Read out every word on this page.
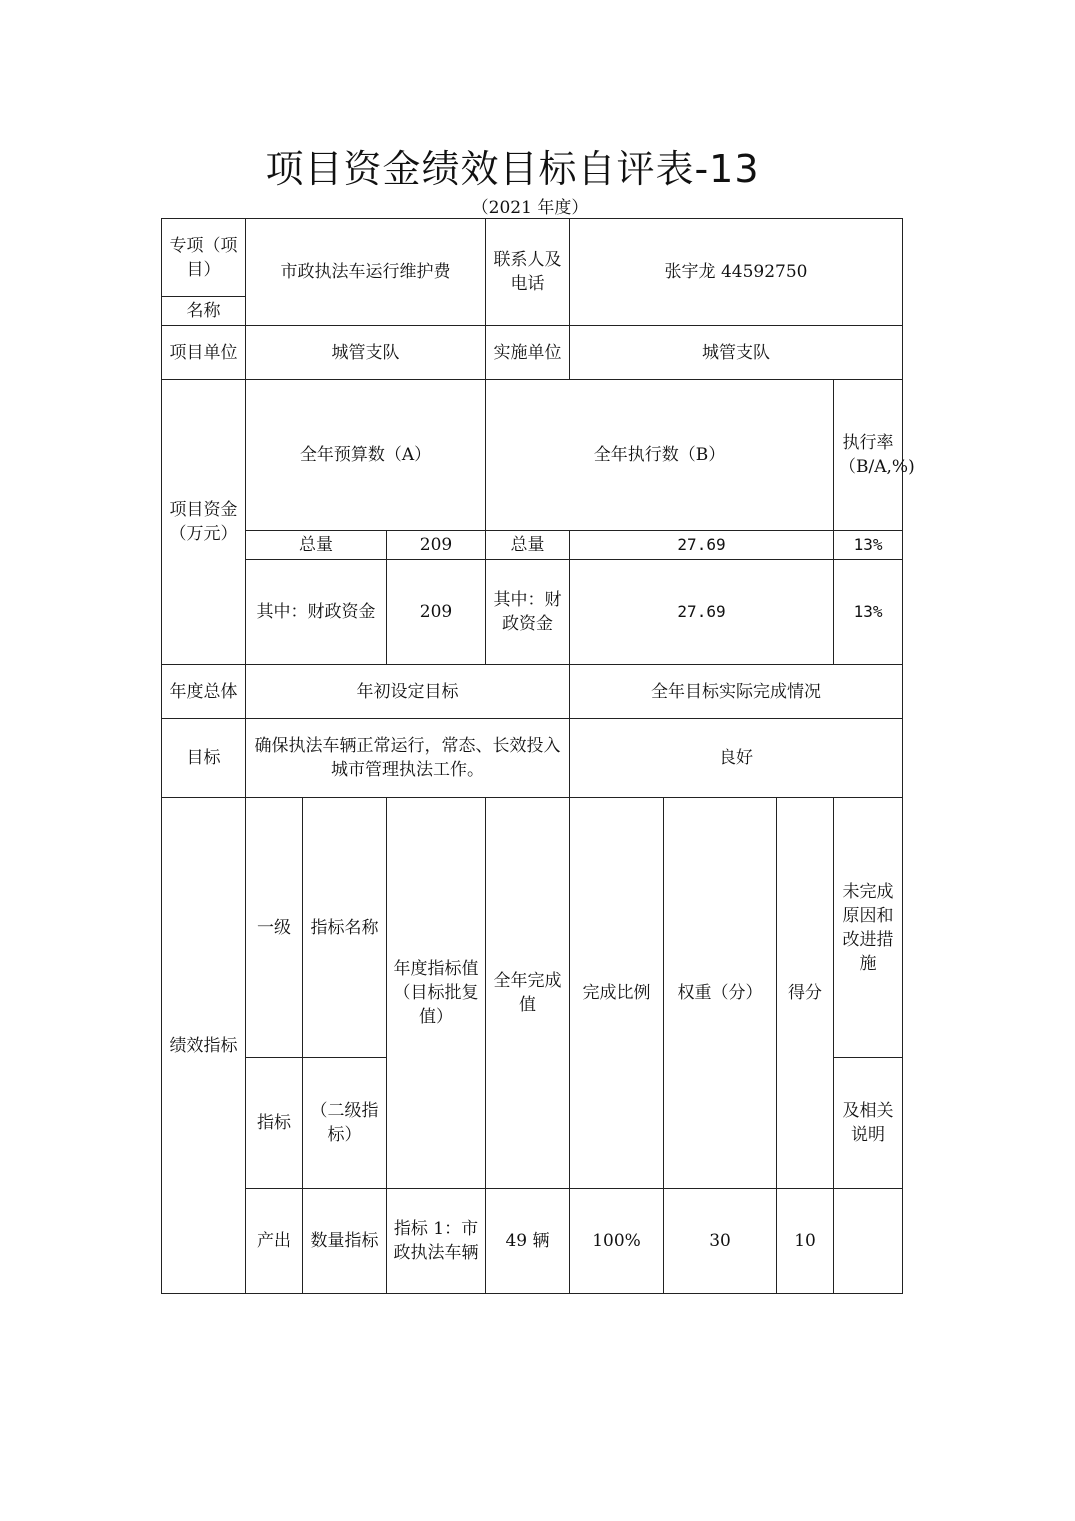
项目资金绩效目标自评表-13
（2021 年度）
专项（项目）	市政执法车运行维护费			联系人及电话	张宇龙 44592750			
名称								
项目单位	城管支队			实施单位	城管支队			
项目资金（万元）	全年预算数（A）			全年执行数（B）				执行率（B/A,%)
	总量		209	总量	27.69			13%
	其中：财政资金		209	其中：财政资金	27.69			13%
年度总体	年初设定目标				全年目标实际完成情况			
目标	确保执法车辆正常运行，常态、长效投入城市管理执法工作。				良好			
绩效指标	一级	指标名称	年度指标值（目标批复值）	全年完成值	完成比例	权重（分）	得分	未完成原因和改进措施
	指标	（二级指标）						及相关说明
	产出	数量指标	指标 1：市政执法车辆	49 辆	100%	30	10	
